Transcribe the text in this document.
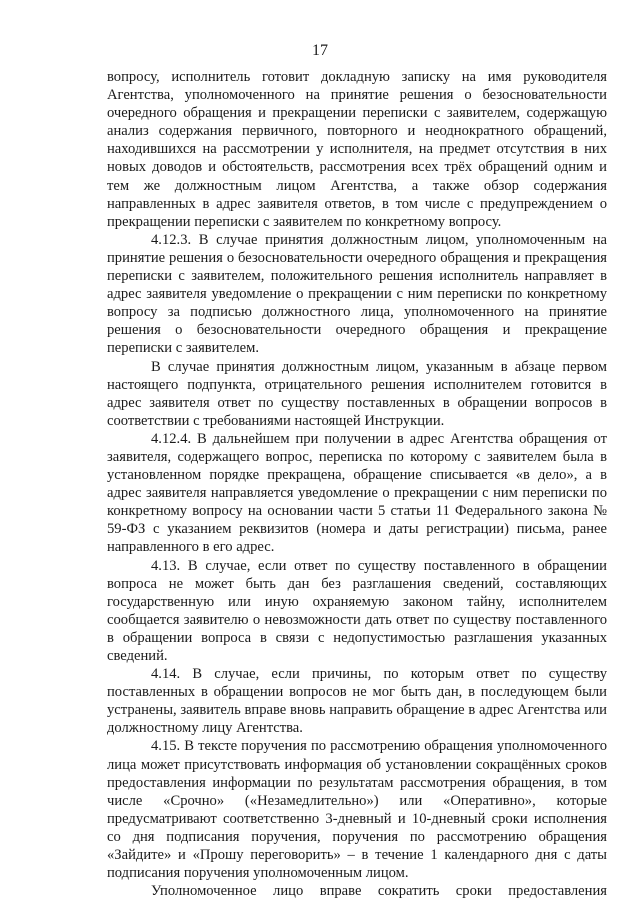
17

вопросу, исполнитель готовит докладную записку на имя руководителя Агентства, уполномоченного на принятие решения о безосновательности очередного обращения и прекращении переписки с заявителем, содержащую анализ содержания первичного, повторного и неоднократного обращений, находившихся на рассмотрении у исполнителя, на предмет отсутствия в них новых доводов и обстоятельств, рассмотрения всех трёх обращений одним и тем же должностным лицом Агентства, а также обзор содержания направленных в адрес заявителя ответов, в том числе с предупреждением о прекращении переписки с заявителем по конкретному вопросу.

4.12.3. В случае принятия должностным лицом, уполномоченным на принятие решения о безосновательности очередного обращения и прекращения переписки с заявителем, положительного решения исполнитель направляет в адрес заявителя уведомление о прекращении с ним переписки по конкретному вопросу за подписью должностного лица, уполномоченного на принятие решения о безосновательности очередного обращения и прекращение переписки с заявителем.

В случае принятия должностным лицом, указанным в абзаце первом настоящего подпункта, отрицательного решения исполнителем готовится в адрес заявителя ответ по существу поставленных в обращении вопросов в соответствии с требованиями настоящей Инструкции.

4.12.4. В дальнейшем при получении в адрес Агентства обращения от заявителя, содержащего вопрос, переписка по которому с заявителем была в установленном порядке прекращена, обращение списывается «в дело», а в адрес заявителя направляется уведомление о прекращении с ним переписки по конкретному вопросу на основании части 5 статьи 11 Федерального закона № 59-ФЗ с указанием реквизитов (номера и даты регистрации) письма, ранее направленного в его адрес.

4.13. В случае, если ответ по существу поставленного в обращении вопроса не может быть дан без разглашения сведений, составляющих государственную или иную охраняемую законом тайну, исполнителем сообщается заявителю о невозможности дать ответ по существу поставленного в обращении вопроса в связи с недопустимостью разглашения указанных сведений.

4.14. В случае, если причины, по которым ответ по существу поставленных в обращении вопросов не мог быть дан, в последующем были устранены, заявитель вправе вновь направить обращение в адрес Агентства или должностному лицу Агентства.

4.15. В тексте поручения по рассмотрению обращения уполномоченного лица может присутствовать информация об установлении сокращённых сроков предоставления информации по результатам рассмотрения обращения, в том числе «Срочно» («Незамедлительно») или «Оперативно», которые предусматривают соответственно 3-дневный и 10-дневный сроки исполнения со дня подписания поручения, поручения по рассмотрению обращения «Зайдите» и «Прошу переговорить» – в течение 1 календарного дня с даты подписания поручения уполномоченным лицом.

Уполномоченное лицо вправе сократить сроки предоставления
